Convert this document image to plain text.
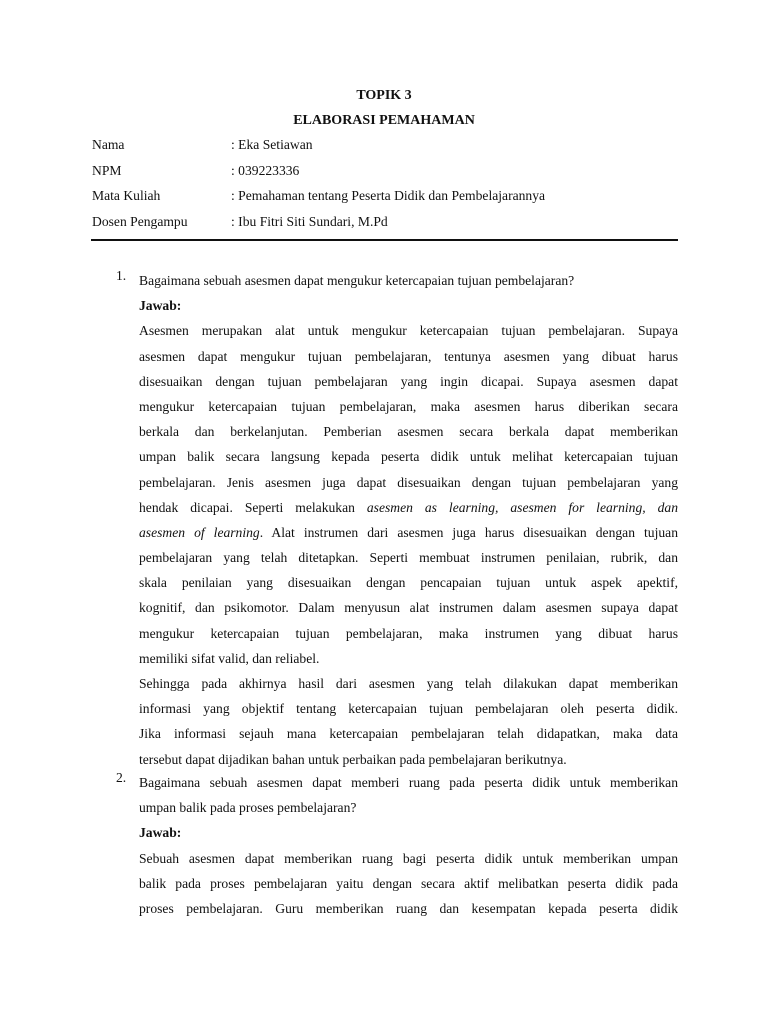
TOPIK 3
ELABORASI PEMAHAMAN
Nama	: Eka Setiawan
NPM	: 039223336
Mata Kuliah	: Pemahaman tentang Peserta Didik dan Pembelajarannya
Dosen Pengampu	: Ibu Fitri Siti Sundari, M.Pd
1. Bagaimana sebuah asesmen dapat mengukur ketercapaian tujuan pembelajaran?
Jawab:
Asesmen merupakan alat untuk mengukur ketercapaian tujuan pembelajaran. Supaya
asesmen dapat mengukur tujuan pembelajaran, tentunya asesmen yang dibuat harus
disesuaikan dengan tujuan pembelajaran yang ingin dicapai. Supaya asesmen dapat
mengukur ketercapaian tujuan pembelajaran, maka asesmen harus diberikan secara
berkala dan berkelanjutan. Pemberian asesmen secara berkala dapat memberikan
umpan balik secara langsung kepada peserta didik untuk melihat ketercapaian tujuan
pembelajaran. Jenis asesmen juga dapat disesuaikan dengan tujuan pembelajaran yang
hendak dicapai. Seperti melakukan asesmen as learning, asesmen for learning, dan
asesmen of learning. Alat instrumen dari asesmen juga harus disesuaikan dengan tujuan
pembelajaran yang telah ditetapkan. Seperti membuat instrumen penilaian, rubrik, dan
skala penilaian yang disesuaikan dengan pencapaian tujuan untuk aspek apektif,
kognitif, dan psikomotor. Dalam menyusun alat instrumen dalam asesmen supaya dapat
mengukur ketercapaian tujuan pembelajaran, maka instrumen yang dibuat harus
memiliki sifat valid, dan reliabel.
Sehingga pada akhirnya hasil dari asesmen yang telah dilakukan dapat memberikan
informasi yang objektif tentang ketercapaian tujuan pembelajaran oleh peserta didik.
Jika informasi sejauh mana ketercapaian pembelajaran telah didapatkan, maka data
tersebut dapat dijadikan bahan untuk perbaikan pada pembelajaran berikutnya.
2. Bagaimana sebuah asesmen dapat memberi ruang pada peserta didik untuk memberikan
umpan balik pada proses pembelajaran?
Jawab:
Sebuah asesmen dapat memberikan ruang bagi peserta didik untuk memberikan umpan
balik pada proses pembelajaran yaitu dengan secara aktif melibatkan peserta didik pada
proses pembelajaran. Guru memberikan ruang dan kesempatan kepada peserta didik
